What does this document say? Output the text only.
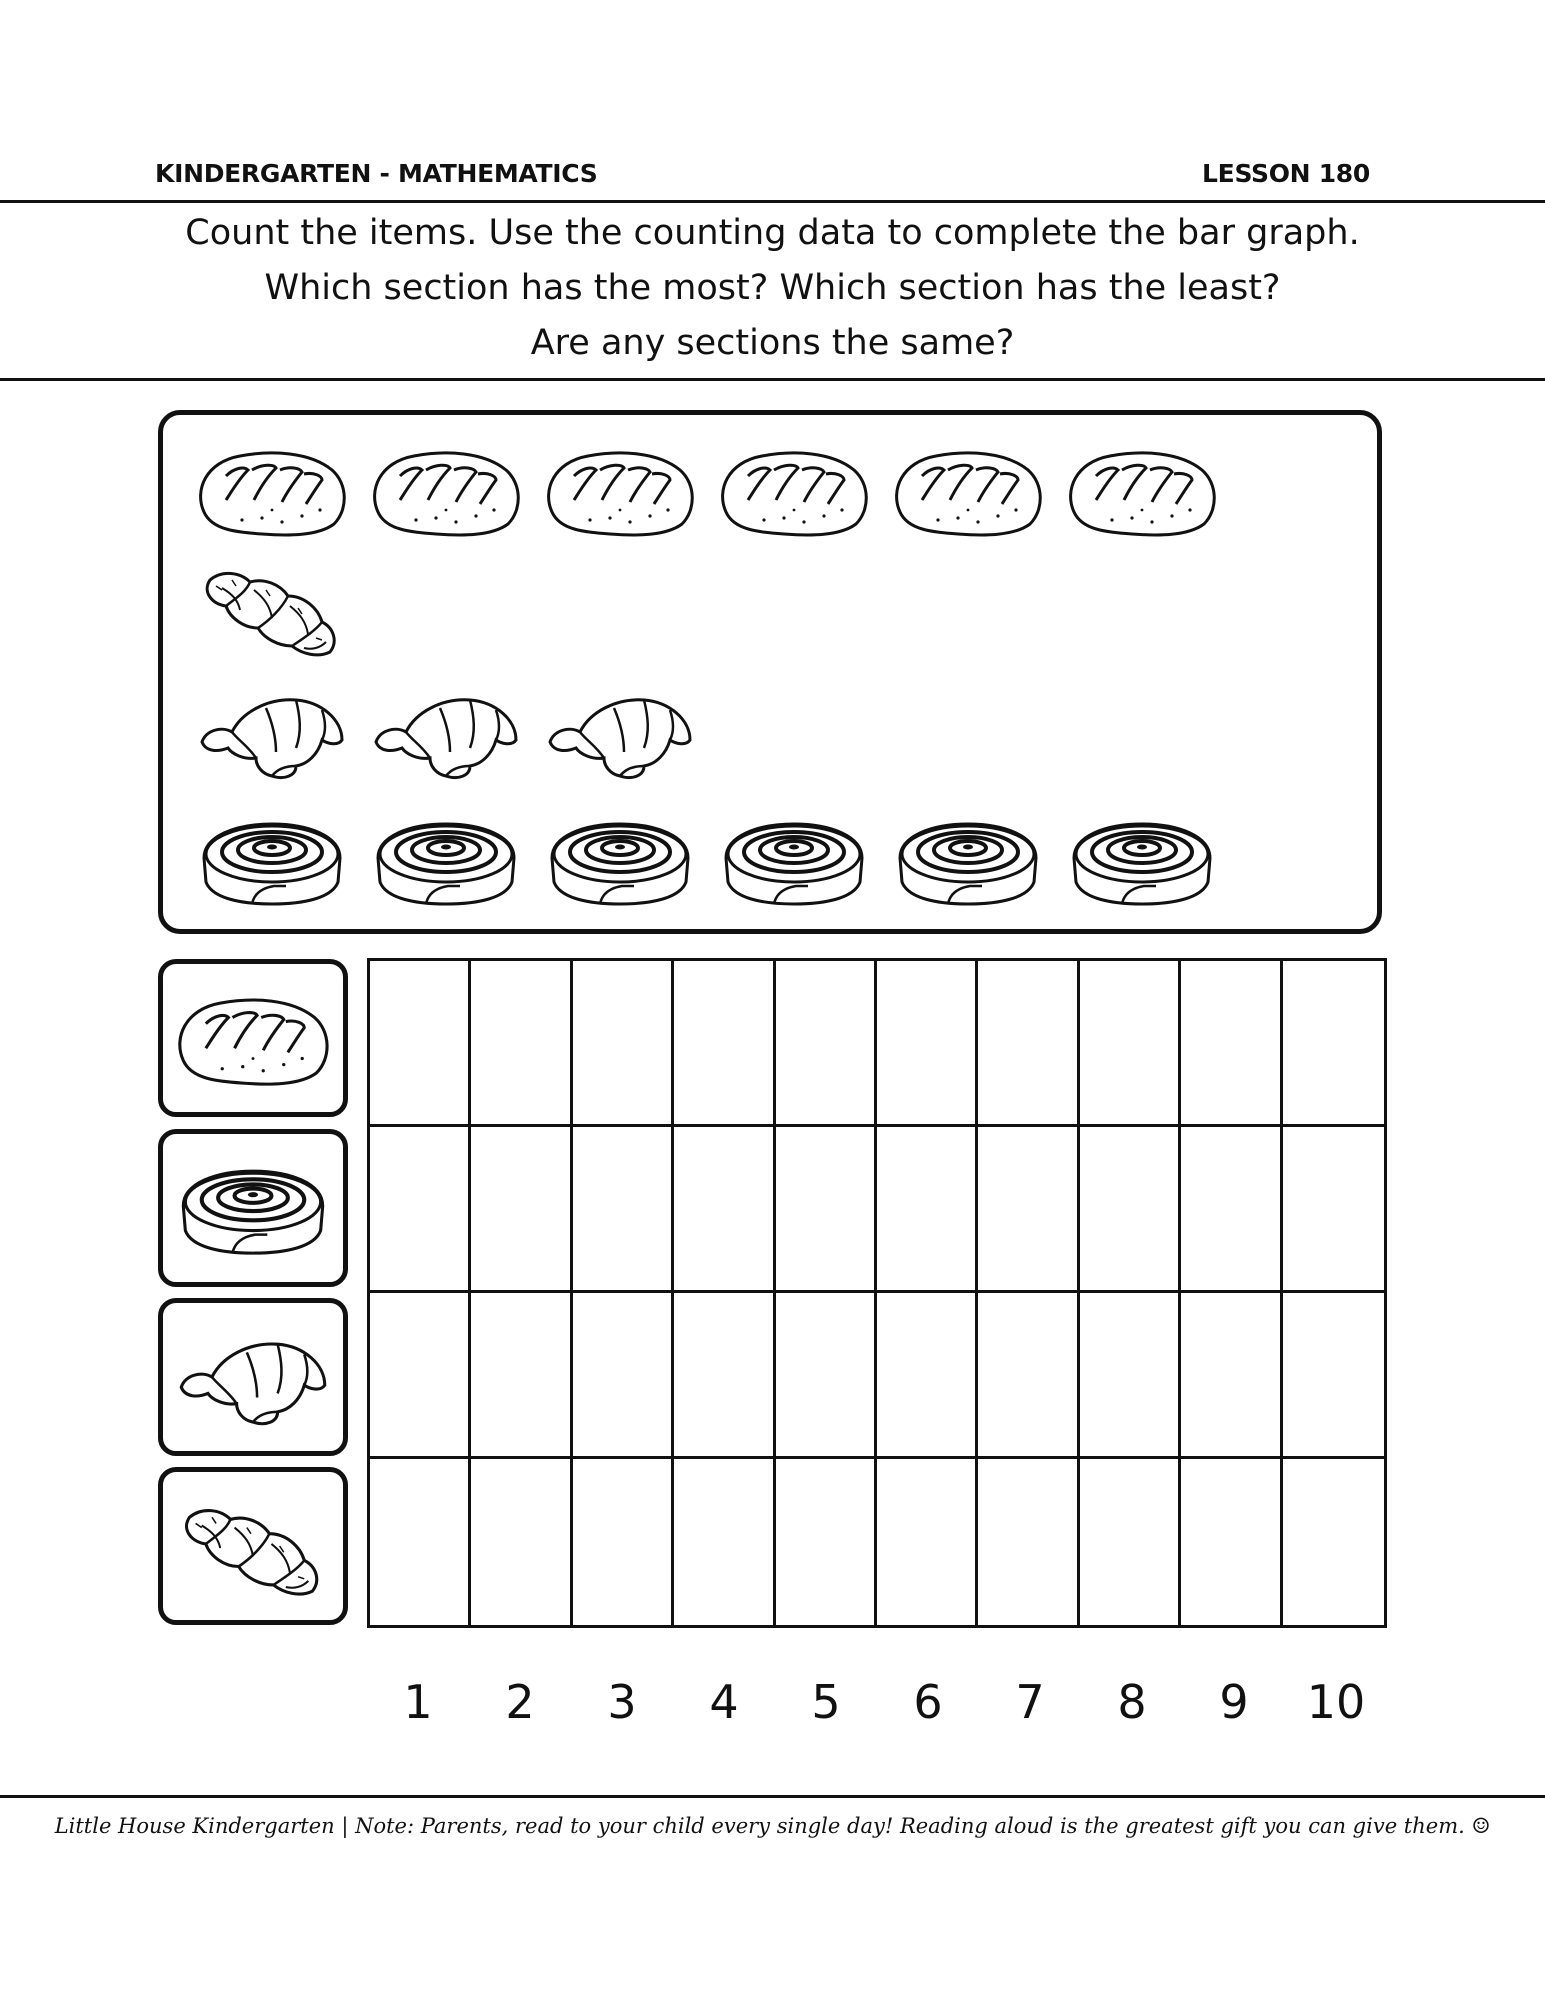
KINDERGARTEN - MATHEMATICS	LESSON 180
Count the items. Use the counting data to complete the bar graph.
Which section has the most? Which section has the least?
Are any sections the same?
1	2	3	4	5	6	7	8	9	10
Little House Kindergarten | Note: Parents, read to your child every single day! Reading aloud is the greatest gift you can give them. ☺
